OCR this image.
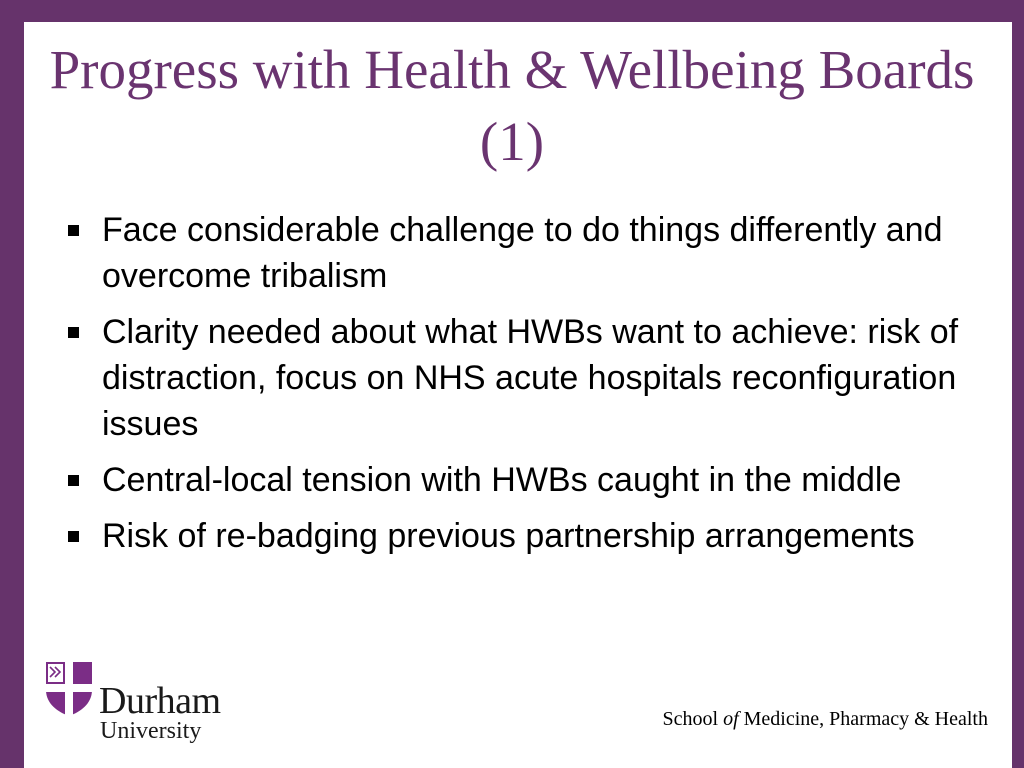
Progress with Health & Wellbeing Boards (1)
Face considerable challenge to do things differently and overcome tribalism
Clarity needed about what HWBs want to achieve: risk of distraction, focus on NHS acute hospitals reconfiguration issues
Central-local tension with HWBs caught in the middle
Risk of re-badging previous partnership arrangements
Durham
University	School of Medicine, Pharmacy & Health
